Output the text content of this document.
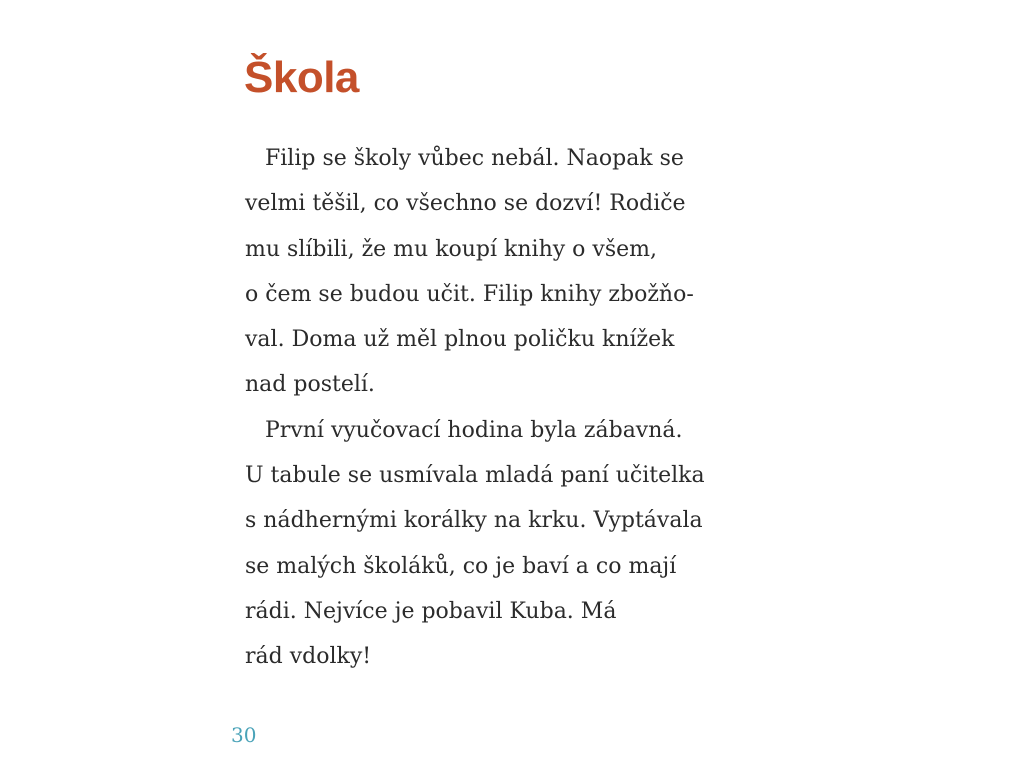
Škola
Filip se školy vůbec nebál. Naopak se
velmi těšil, co všechno se dozví! Rodiče
mu slíbili, že mu koupí knihy o všem,
o čem se budou učit. Filip knihy zbožňo-
val. Doma už měl plnou poličku knížek
nad postelí.
První vyučovací hodina byla zábavná.
U tabule se usmívala mladá paní učitelka
s nádhernými korálky na krku. Vyptávala
se malých školáků, co je baví a co mají
rádi. Nejvíce je pobavil Kuba. Má
rád vdolky!
30
